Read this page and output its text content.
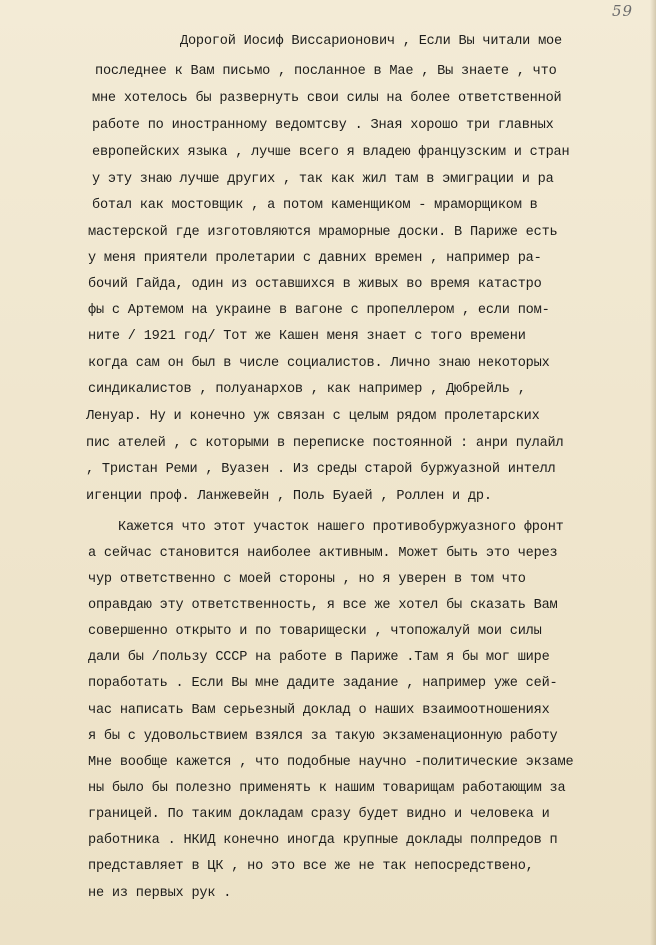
59

Дорогой Иосиф Виссарионович , Если Вы читали мое

последнее к Вам письмо , посланное в Мае , Вы знаете , что

мне хотелось бы развернуть свои силы на более ответственной

работе по иностранному ведомтсву . Зная хорошо три главных

европейских языка , лучше всего я владею французским и стран

у эту знаю лучше других , так как жил там в эмиграции и ра

ботал как мостовщик , а потом каменщиком - мраморщиком в

мастерской где изготовляются мраморные доски. В Париже есть

у меня приятели пролетарии с давних времен , например ра-

бочий Гайда, один из оставшихся в живых во время катастро

фы с Артемом на украине в вагоне с пропеллером , если пом-

ните / 1921 год/ Тот же Кашен меня знает с того времени

когда сам он был в числе социалистов. Лично знаю некоторых

синдикалистов , полуанархов , как например , Дюбрейль ,

Ленуар. Ну и конечно уж связан с целым рядом пролетарских

пис ателей , с которыми в переписке постоянной : анри пулайл

, Тристан Реми , Вуазен . Из среды старой буржуазной интелл

игенции проф. Ланжевейн , Поль Буаей , Роллен и др.

Кажется что этот участок нашего противобуржуазного фронт

а сейчас становится наиболее активным. Может быть это через

чур ответственно с моей стороны , но я уверен в том что

оправдаю эту ответственность, я все же хотел бы сказать Вам

совершенно открыто и по товарищески , чтопожалуй мои силы

дали бы /пользу СССР на работе в Париже .Там я бы мог шире

поработать . Если Вы мне дадите задание , например уже сей-

час написать Вам серьезный доклад о наших взаимоотношениях

я бы с удовольствием взялся за такую экзаменационную работу

Мне вообще кажется , что подобные научно -политические экзаме

ны было бы полезно применять к нашим товарищам работающим за

границей. По таким докладам сразу будет видно и человека и

работника . НКИД конечно иногда крупные доклады полпредов п

представляет в ЦК , но это все же не так непосредствено,

не из первых рук .
